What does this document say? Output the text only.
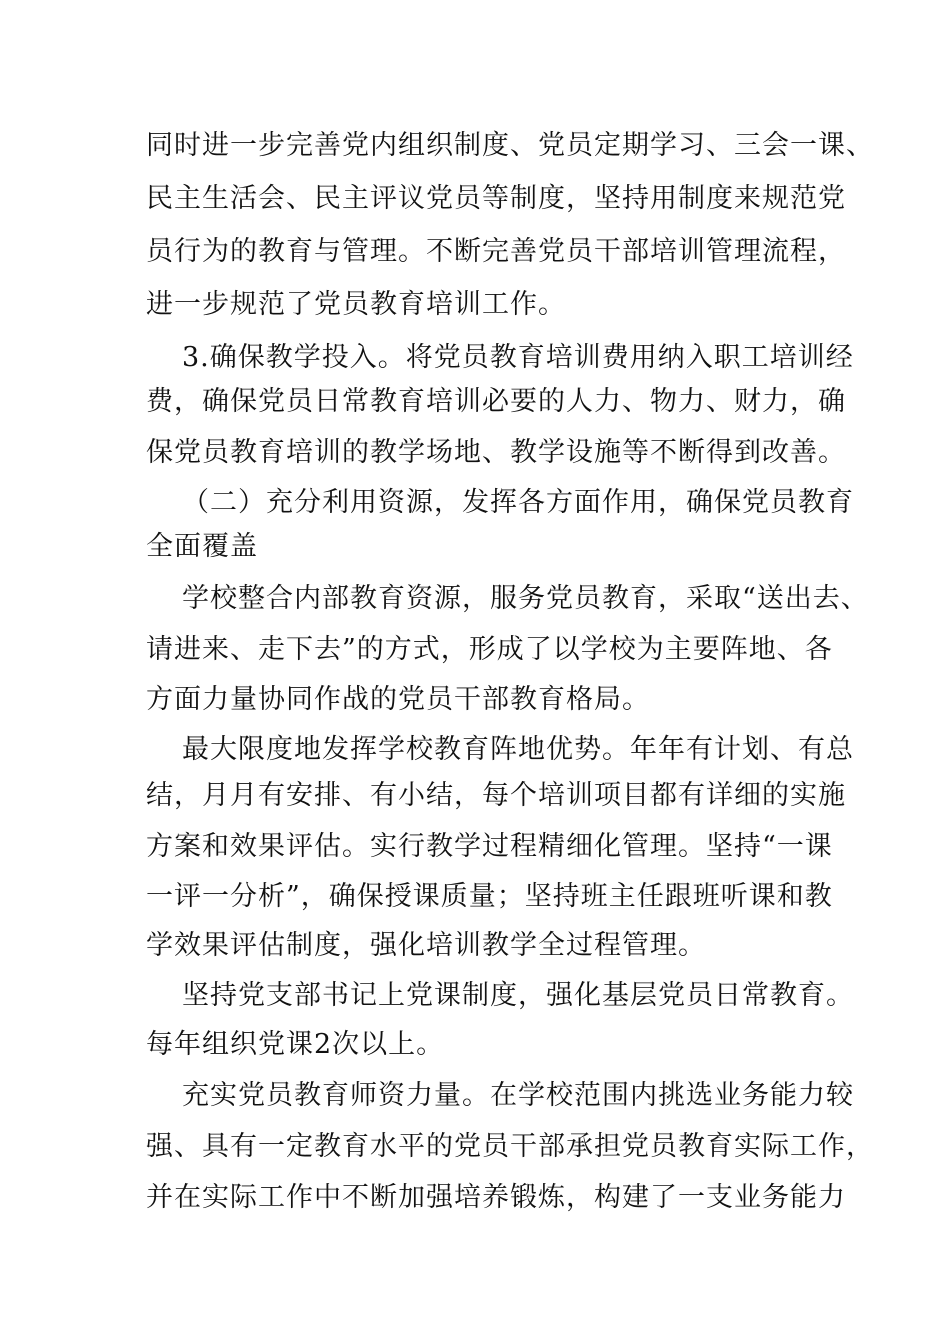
同时进一步完善党内组织制度、党员定期学习、三会一课、
民主生活会、民主评议党员等制度，坚持用制度来规范党
员行为的教育与管理。不断完善党员干部培训管理流程，
进一步规范了党员教育培训工作。
3.确保教学投入。将党员教育培训费用纳入职工培训经
费，确保党员日常教育培训必要的人力、物力、财力，确
保党员教育培训的教学场地、教学设施等不断得到改善。
（二）充分利用资源，发挥各方面作用，确保党员教育
全面覆盖
学校整合内部教育资源，服务党员教育，采取“送出去、
请进来、走下去”的方式，形成了以学校为主要阵地、各
方面力量协同作战的党员干部教育格局。
最大限度地发挥学校教育阵地优势。年年有计划、有总
结，月月有安排、有小结，每个培训项目都有详细的实施
方案和效果评估。实行教学过程精细化管理。坚持“一课
一评一分析”，确保授课质量；坚持班主任跟班听课和教
学效果评估制度，强化培训教学全过程管理。
坚持党支部书记上党课制度，强化基层党员日常教育。
每年组织党课2次以上。
充实党员教育师资力量。在学校范围内挑选业务能力较
强、具有一定教育水平的党员干部承担党员教育实际工作，
并在实际工作中不断加强培养锻炼，构建了一支业务能力
